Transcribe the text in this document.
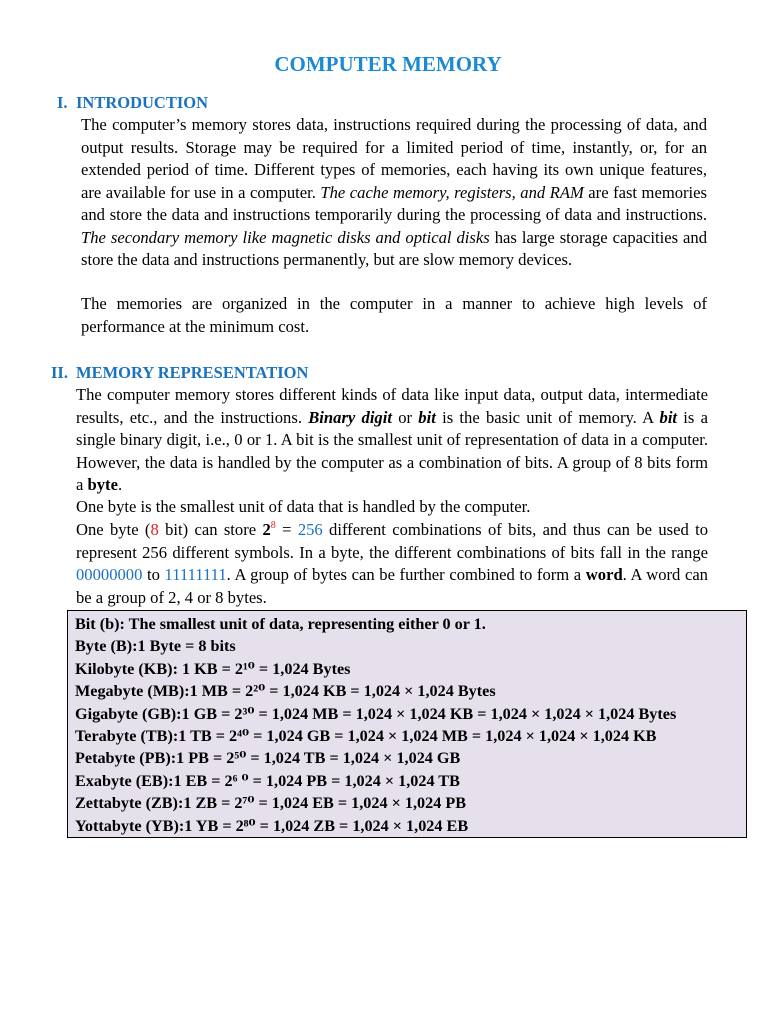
COMPUTER MEMORY
I. INTRODUCTION

The computer’s memory stores data, instructions required during the processing of data, and output results. Storage may be required for a limited period of time, instantly, or, for an extended period of time. Different types of memories, each having its own unique features, are available for use in a computer. The cache memory, registers, and RAM are fast memories and store the data and instructions temporarily during the processing of data and instructions. The secondary memory like magnetic disks and optical disks has large storage capacities and store the data and instructions permanently, but are slow memory devices.

The memories are organized in the computer in a manner to achieve high levels of performance at the minimum cost.

II. MEMORY REPRESENTATION

The computer memory stores different kinds of data like input data, output data, intermediate results, etc., and the instructions. Binary digit or bit is the basic unit of memory. A bit is a single binary digit, i.e., 0 or 1. A bit is the smallest unit of representation of data in a computer. However, the data is handled by the computer as a combination of bits. A group of 8 bits form a byte.

One byte is the smallest unit of data that is handled by the computer.

One byte (8 bit) can store $2^8 = 256$ different combinations of bits, and thus can be used to represent 256 different symbols. In a byte, the different combinations of bits fall in the range 00000000 to 11111111. A group of bytes can be further combined to form a word. A word can be a group of 2, 4 or 8 bytes.

Bit (b): The smallest unit of data, representing either 0 or 1.
Byte (B):1 Byte = 8 bits
Kilobyte (KB): 1 KB = 2¹⁰ = 1,024 Bytes
Megabyte (MB):1 MB = 2²⁰ = 1,024 KB = 1,024 × 1,024 Bytes
Gigabyte (GB):1 GB = 2³⁰ = 1,024 MB = 1,024 × 1,024 KB = 1,024 × 1,024 × 1,024 Bytes
Terabyte (TB):1 TB = 2⁴⁰ = 1,024 GB = 1,024 × 1,024 MB = 1,024 × 1,024 × 1,024 KB
Petabyte (PB):1 PB = 2⁵⁰ = 1,024 TB = 1,024 × 1,024 GB
Exabyte (EB):1 EB = 2⁶ ⁰ = 1,024 PB = 1,024 × 1,024 TB
Zettabyte (ZB):1 ZB = 2⁷⁰ = 1,024 EB = 1,024 × 1,024 PB
Yottabyte (YB):1 YB = 2⁸⁰ = 1,024 ZB = 1,024 × 1,024 EB
